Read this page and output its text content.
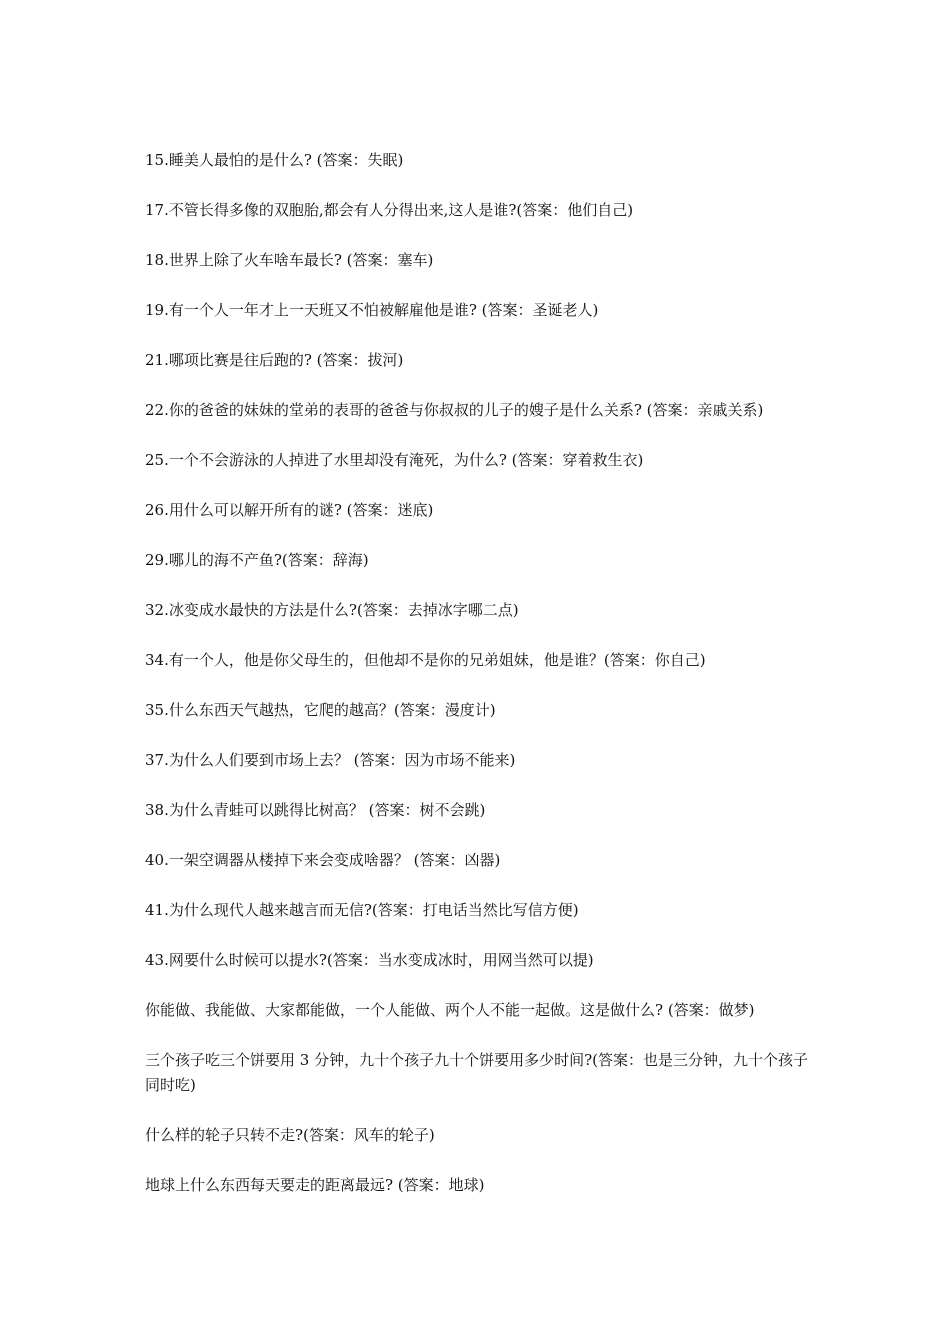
15.睡美人最怕的是什么? (答案：失眠)
17.不管长得多像的双胞胎,都会有人分得出来,这人是谁?(答案：他们自己)
18.世界上除了火车啥车最长? (答案：塞车)
19.有一个人一年才上一天班又不怕被解雇他是谁? (答案：圣诞老人)
21.哪项比赛是往后跑的? (答案：拔河)
22.你的爸爸的妹妹的堂弟的表哥的爸爸与你叔叔的儿子的嫂子是什么关系? (答案：亲戚关系)
25.一个不会游泳的人掉进了水里却没有淹死，为什么? (答案：穿着救生衣)
26.用什么可以解开所有的谜? (答案：迷底)
29.哪儿的海不产鱼?(答案：辞海)
32.冰变成水最快的方法是什么?(答案：去掉冰字哪二点)
34.有一个人，他是你父母生的，但他却不是你的兄弟姐妹，他是谁？(答案：你自己)
35.什么东西天气越热，它爬的越高？(答案：漫度计)
37.为什么人们要到市场上去？ (答案：因为市场不能来)
38.为什么青蛙可以跳得比树高？ (答案：树不会跳)
40.一架空调器从楼掉下来会变成啥器？ (答案：凶器)
41.为什么现代人越来越言而无信?(答案：打电话当然比写信方便)
43.网要什么时候可以提水?(答案：当水变成冰时，用网当然可以提)
你能做、我能做、大家都能做，一个人能做、两个人不能一起做。这是做什么? (答案：做梦)
三个孩子吃三个饼要用 3 分钟，九十个孩子九十个饼要用多少时间?(答案：也是三分钟，九十个孩子同时吃)
什么样的轮子只转不走?(答案：风车的轮子)
地球上什么东西每天要走的距离最远? (答案：地球)
